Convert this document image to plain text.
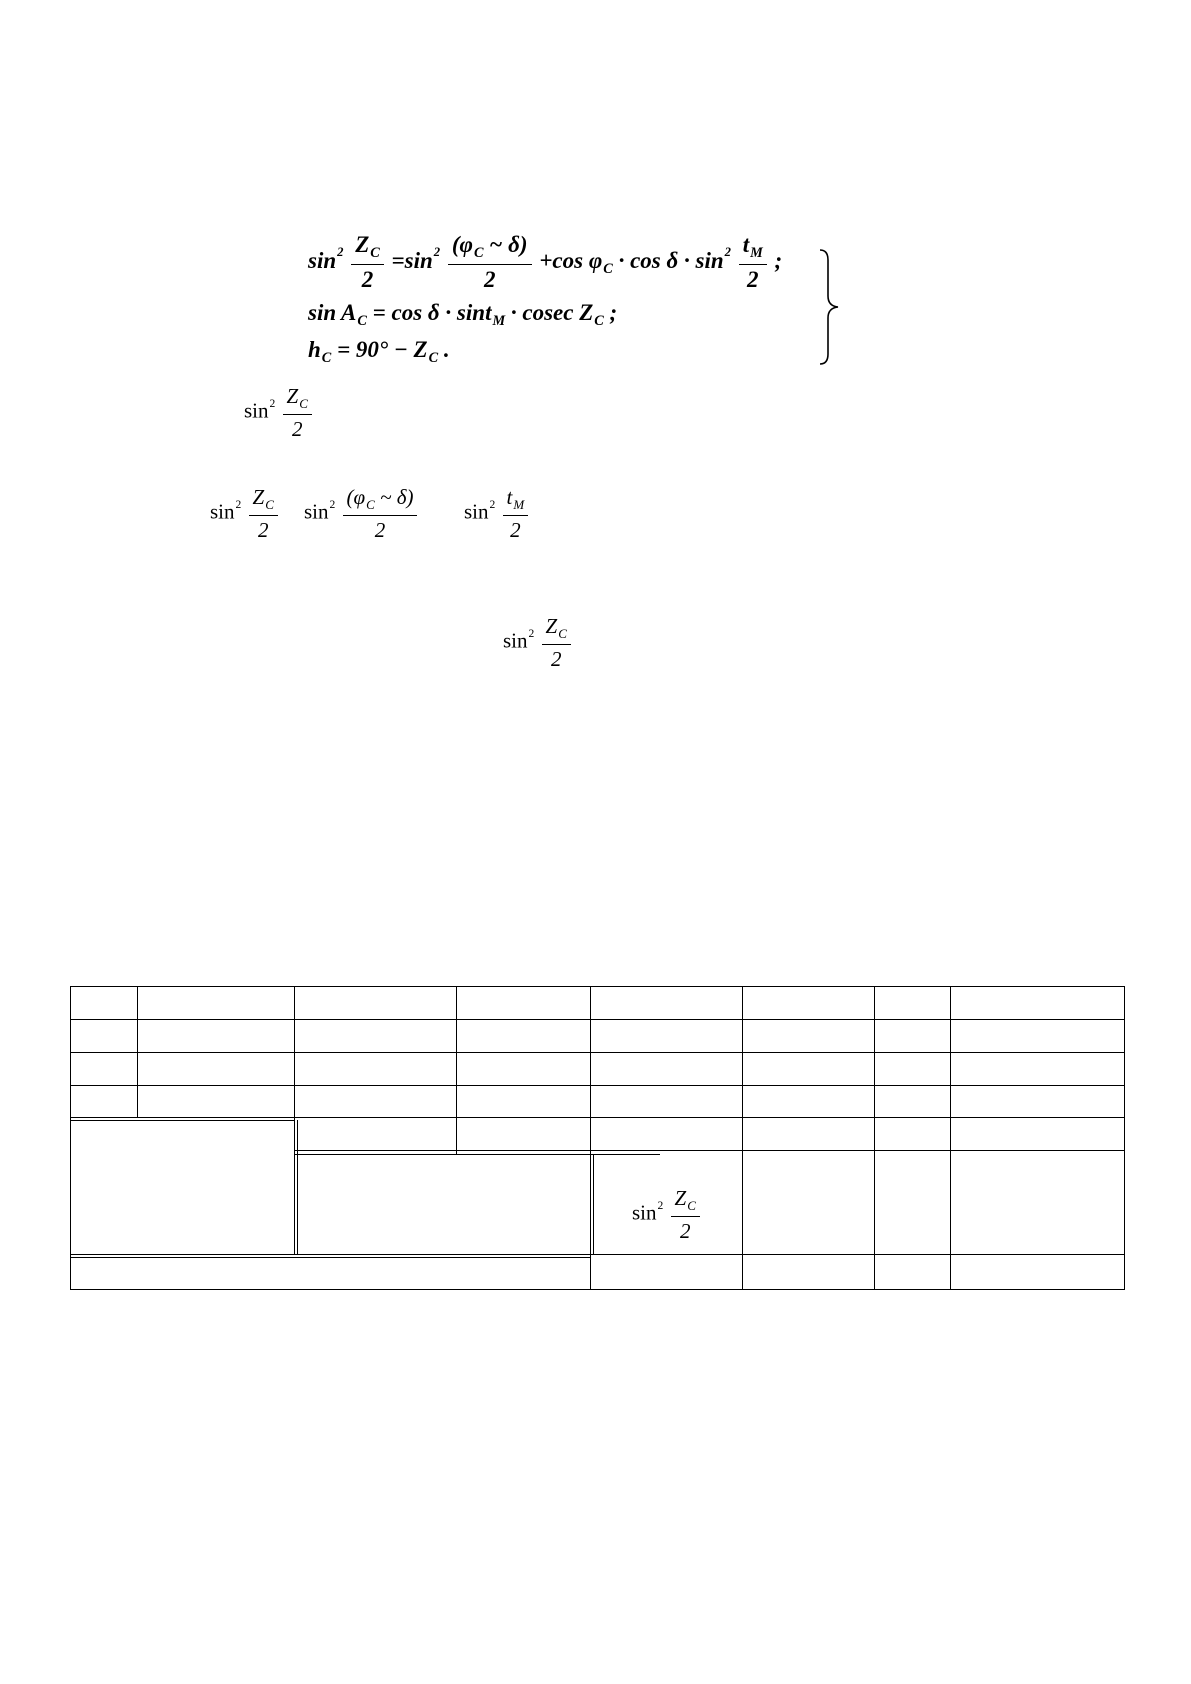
$\sin^2 \frac{Z_C}{2} =\sin^2 \frac{(\varphi_C \sim \delta)}{2} +\cos$ $\varphi_C \cdot \cos \delta \cdot \sin^2 \frac{t_M}{2}$ ;
$\sin A_C = \cos \delta \cdot \sin t_M \cdot cosec$ $Z_C$ ;
$h_C = 90^\circ - Z_C$ .
$\sin^2 \frac{Z_C}{2}$
$\sin^2 \frac{Z_C}{2} \sin^2 \frac{(\varphi_C \sim \delta)}{2} \sin^2 \frac{t_M}{2}$
$\sin^2 \frac{Z_C}{2}$
$\sin^2 \frac{Z_C}{2}$
